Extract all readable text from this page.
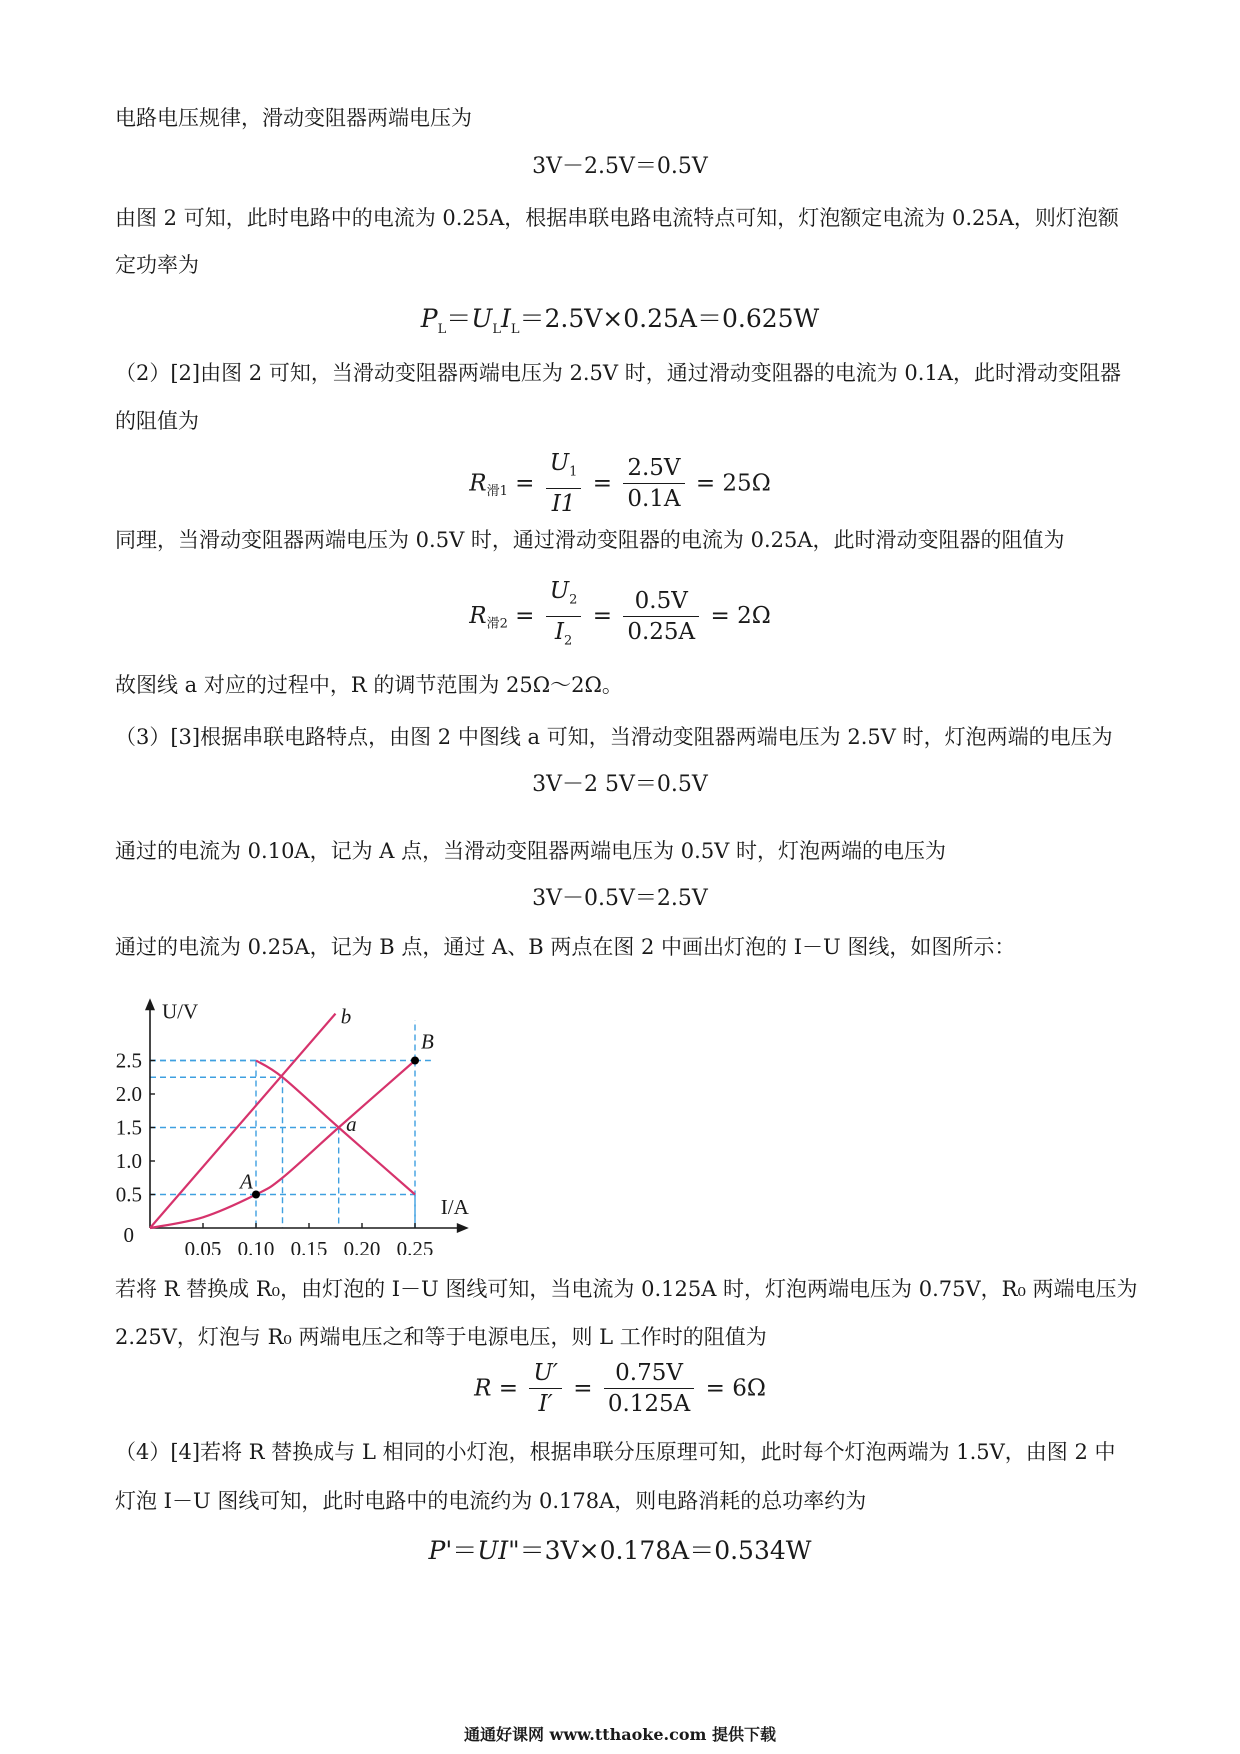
电路电压规律，滑动变阻器两端电压为
3V－2.5V＝0.5V
由图 2 可知，此时电路中的电流为 0.25A，根据串联电路电流特点可知，灯泡额定电流为 0.25A，则灯泡额
定功率为
$P_L=U_LI_L=2.5V\times 0.25A=0.625W$
（2）[2]由图 2 可知，当滑动变阻器两端电压为 2.5V 时，通过滑动变阻器的电流为 0.1A，此时滑动变阻器
的阻值为
$R_{滑1} = \frac{U_1}{I1} = \frac{2.5V}{0.1A} = 25\Omega$
同理，当滑动变阻器两端电压为 0.5V 时，通过滑动变阻器的电流为 0.25A，此时滑动变阻器的阻值为
$R_{滑2} = \frac{U_2}{I_2} = \frac{0.5V}{0.25A} = 2\Omega$
故图线 a 对应的过程中，R 的调节范围为 25Ω～2Ω。
（3）[3]根据串联电路特点，由图 2 中图线 a 可知，当滑动变阻器两端电压为 2.5V 时，灯泡两端的电压为
3V－2 5V＝0.5V
通过的电流为 0.10A，记为 A 点，当滑动变阻器两端电压为 0.5V 时，灯泡两端的电压为
3V－0.5V＝2.5V
通过的电流为 0.25A，记为 B 点，通过 A、B 两点在图 2 中画出灯泡的 I－U 图线，如图所示：
0.05 0.10 0.15 0.20 0.25
0.5
1.0
1.5
2.0
2.5
0
I/A
U/V
a
b
A
B
若将 R 替换成 R₀，由灯泡的 I－U 图线可知，当电流为 0.125A 时，灯泡两端电压为 0.75V，R₀ 两端电压为
2.25V，灯泡与 R₀ 两端电压之和等于电源电压，则 L 工作时的阻值为
$R = \frac{U'}{I'} = \frac{0.75V}{0.125A} = 6\Omega$
（4）[4]若将 R 替换成与 L 相同的小灯泡，根据串联分压原理可知，此时每个灯泡两端为 1.5V，由图 2 中
灯泡 I－U 图线可知，此时电路中的电流约为 0.178A，则电路消耗的总功率约为
P'＝UI"＝3V×0.178A＝0.534W
通通好课网 www.tthaoke.com 提供下载
